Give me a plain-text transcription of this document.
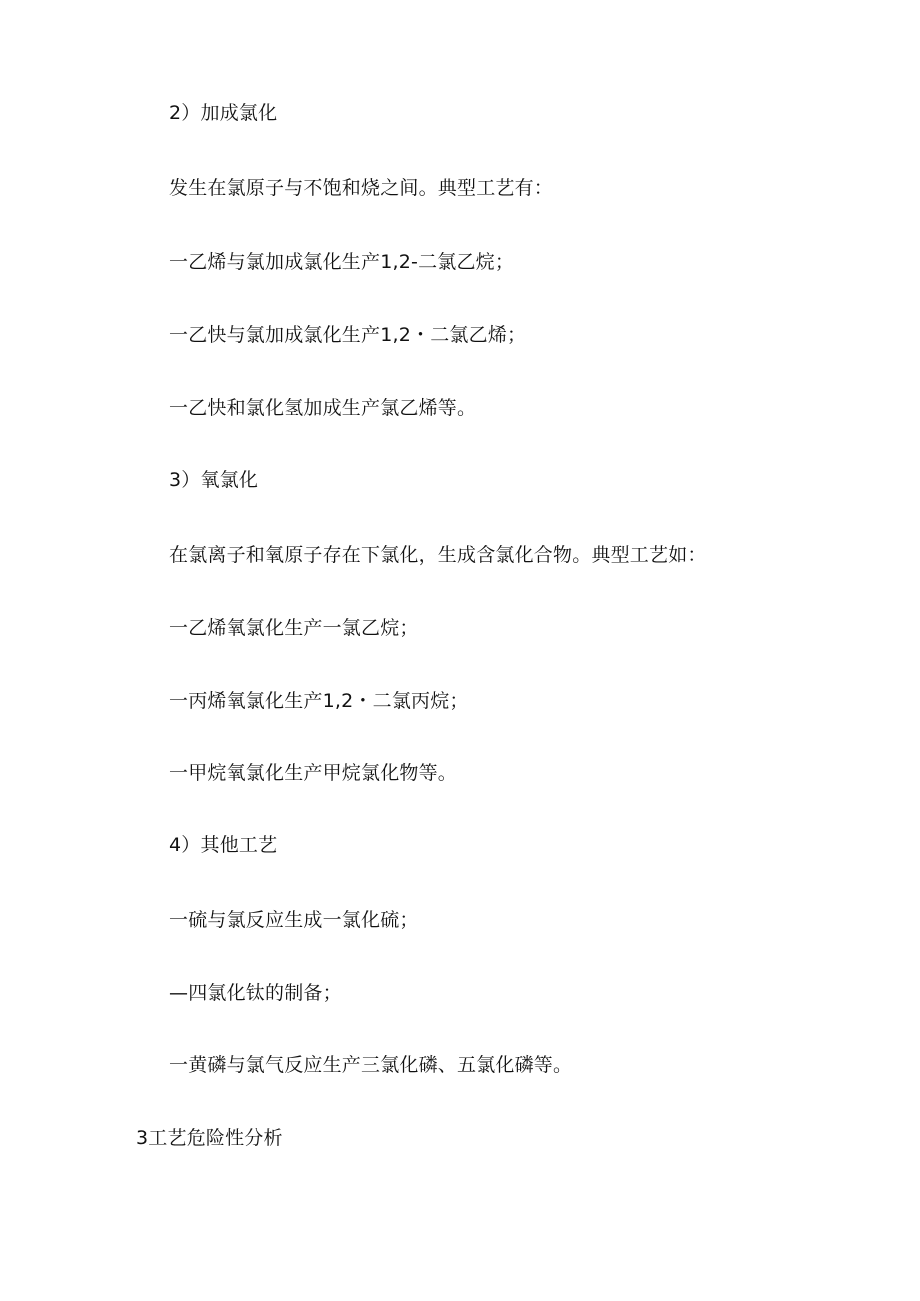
2）加成氯化
发生在氯原子与不饱和烧之间。典型工艺有：
一乙烯与氯加成氯化生产1,2-二氯乙烷；
一乙快与氯加成氯化生产1,2・二氯乙烯；
一乙快和氯化氢加成生产氯乙烯等。
3）氧氯化
在氯离子和氧原子存在下氯化，生成含氯化合物。典型工艺如：
一乙烯氧氯化生产一氯乙烷；
一丙烯氧氯化生产1,2・二氯丙烷；
一甲烷氧氯化生产甲烷氯化物等。
4）其他工艺
一硫与氯反应生成一氯化硫；
—四氯化钛的制备；
一黄磷与氯气反应生产三氯化磷、五氯化磷等。
3工艺危险性分析
